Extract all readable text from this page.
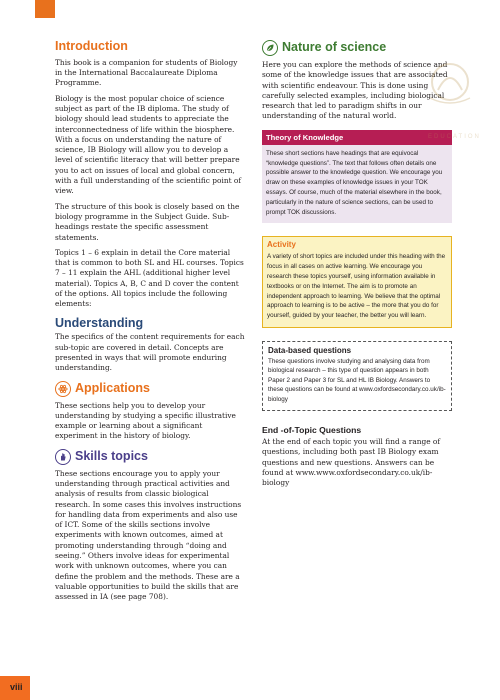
Introduction

This book is a companion for students of Biology in the International Baccalaureate Diploma Programme.

Biology is the most popular choice of science subject as part of the IB diploma. The study of biology should lead students to appreciate the interconnectedness of life within the biosphere. With a focus on understanding the nature of science, IB Biology will allow you to develop a level of scientific literacy that will better prepare you to act on issues of local and global concern, with a full understanding of the scientific point of view.

The structure of this book is closely based on the biology programme in the Subject Guide. Sub-headings restate the specific assessment statements.

Topics 1 – 6 explain in detail the Core material that is common to both SL and HL courses. Topics 7 – 11 explain the AHL (additional higher level material). Topics A, B, C and D cover the content of the options. All topics include the following elements:

Understanding

The specifics of the content requirements for each sub-topic are covered in detail. Concepts are presented in ways that will promote enduring understanding.

Applications

These sections help you to develop your understanding by studying a specific illustrative example or learning about a significant experiment in the history of biology.

Skills topics

These sections encourage you to apply your understanding through practical activities and analysis of results from classic biological research. In some cases this involves instructions for handling data from experiments and also use of ICT. Some of the skills sections involve experiments with known outcomes, aimed at promoting understanding through “doing and seeing.” Others involve ideas for experimental work with unknown outcomes, where you can define the problem and the methods. These are a valuable opportunities to build the skills that are assessed in IA (see page 708).

Nature of science

Here you can explore the methods of science and some of the knowledge issues that are associated with scientific endeavour. This is done using carefully selected examples, including biological research that led to paradigm shifts in our understanding of the natural world.

Theory of Knowledge
These short sections have headings that are equivocal “knowledge questions”. The text that follows often details one possible answer to the knowledge question. We encourage you draw on these examples of knowledge issues in your TOK essays. Of course, much of the material elsewhere in the book, particularly in the nature of science sections, can be used to prompt TOK discussions.
Activity
A variety of short topics are included under this heading with the focus in all cases on active learning. We encourage you research these topics yourself, using information available in textbooks or on the Internet. The aim is to promote an independent approach to learning. We believe that the optimal approach to learning is to be active – the more that you do for yourself, guided by your teacher, the better you will learn.
Data-based questions
These questions involve studying and analysing data from biological research – this type of question appears in both Paper 2 and Paper 3 for SL and HL IB Biology. Answers to these questions can be found at www.oxfordsecondary.co.uk/ib-biology
End -of-Topic Questions

At the end of each topic you will find a range of questions, including both past IB Biology exam questions and new questions. Answers can be found at www.www.oxfordsecondary.co.uk/ib-biology

EDUCATION
viii
